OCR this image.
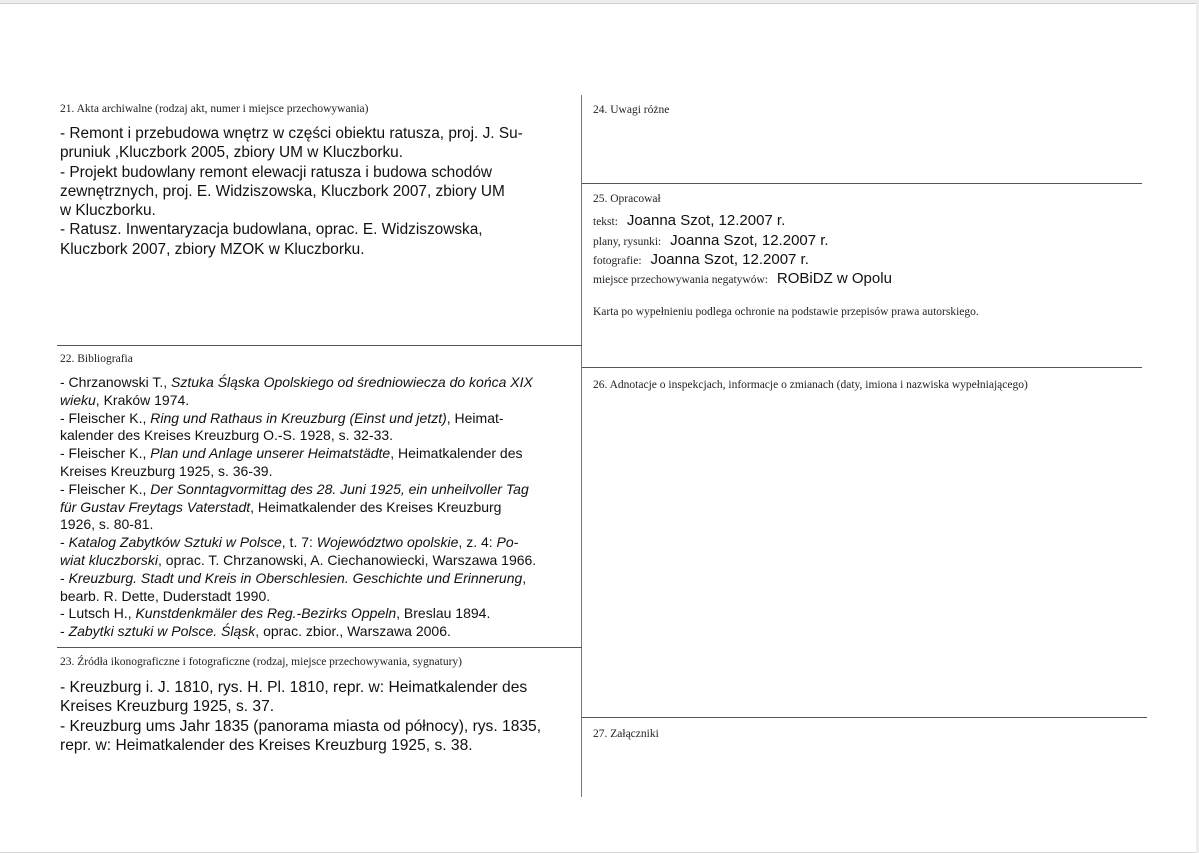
21. Akta archiwalne (rodzaj akt, numer i miejsce przechowywania)

- Remont i przebudowa wnętrz w części obiektu ratusza, proj. J. Su-

pruniuk ,Kluczbork 2005, zbiory UM w Kluczborku.

- Projekt budowlany remont elewacji ratusza i budowa schodów

zewnętrznych, proj. E. Widziszowska, Kluczbork 2007, zbiory UM

w Kluczborku.

- Ratusz. Inwentaryzacja budowlana, oprac. E. Widziszowska,

Kluczbork 2007, zbiory MZOK w Kluczborku.

22. Bibliografia

- Chrzanowski T., Sztuka Śląska Opolskiego od średniowiecza do końca XIX

wieku, Kraków 1974.

- Fleischer K., Ring und Rathaus in Kreuzburg (Einst und jetzt), Heimat-

kalender des Kreises Kreuzburg O.-S. 1928, s. 32-33.

- Fleischer K., Plan und Anlage unserer Heimatstädte, Heimatkalender des

Kreises Kreuzburg 1925, s. 36-39.

- Fleischer K., Der Sonntagvormittag des 28. Juni 1925, ein unheilvoller Tag

für Gustav Freytags Vaterstadt, Heimatkalender des Kreises Kreuzburg

1926, s. 80-81.

- Katalog Zabytków Sztuki w Polsce, t. 7: Województwo opolskie, z. 4: Po-

wiat kluczborski, oprac. T. Chrzanowski, A. Ciechanowiecki, Warszawa 1966.

- Kreuzburg. Stadt und Kreis in Oberschlesien. Geschichte und Erinnerung,

bearb. R. Dette, Duderstadt 1990.

- Lutsch H., Kunstdenkmäler des Reg.-Bezirks Oppeln, Breslau 1894.

- Zabytki sztuki w Polsce. Śląsk, oprac. zbior., Warszawa 2006.

23. Źródła ikonograficzne i fotograficzne (rodzaj, miejsce przechowywania, sygnatury)

- Kreuzburg i. J. 1810, rys. H. Pl. 1810, repr. w: Heimatkalender des

Kreises Kreuzburg 1925, s. 37.

- Kreuzburg ums Jahr 1835 (panorama miasta od północy), rys. 1835,

repr. w: Heimatkalender des Kreises Kreuzburg 1925, s. 38.

24. Uwagi różne
25. Opracował
tekst: Joanna Szot, 12.2007 r.
plany, rysunki: Joanna Szot, 12.2007 r.
fotografie: Joanna Szot, 12.2007 r.
miejsce przechowywania negatywów: ROBiDZ w Opolu
Karta po wypełnieniu podlega ochronie na podstawie przepisów prawa autorskiego.
26. Adnotacje o inspekcjach, informacje o zmianach (daty, imiona i nazwiska wypełniającego)
27. Załączniki
